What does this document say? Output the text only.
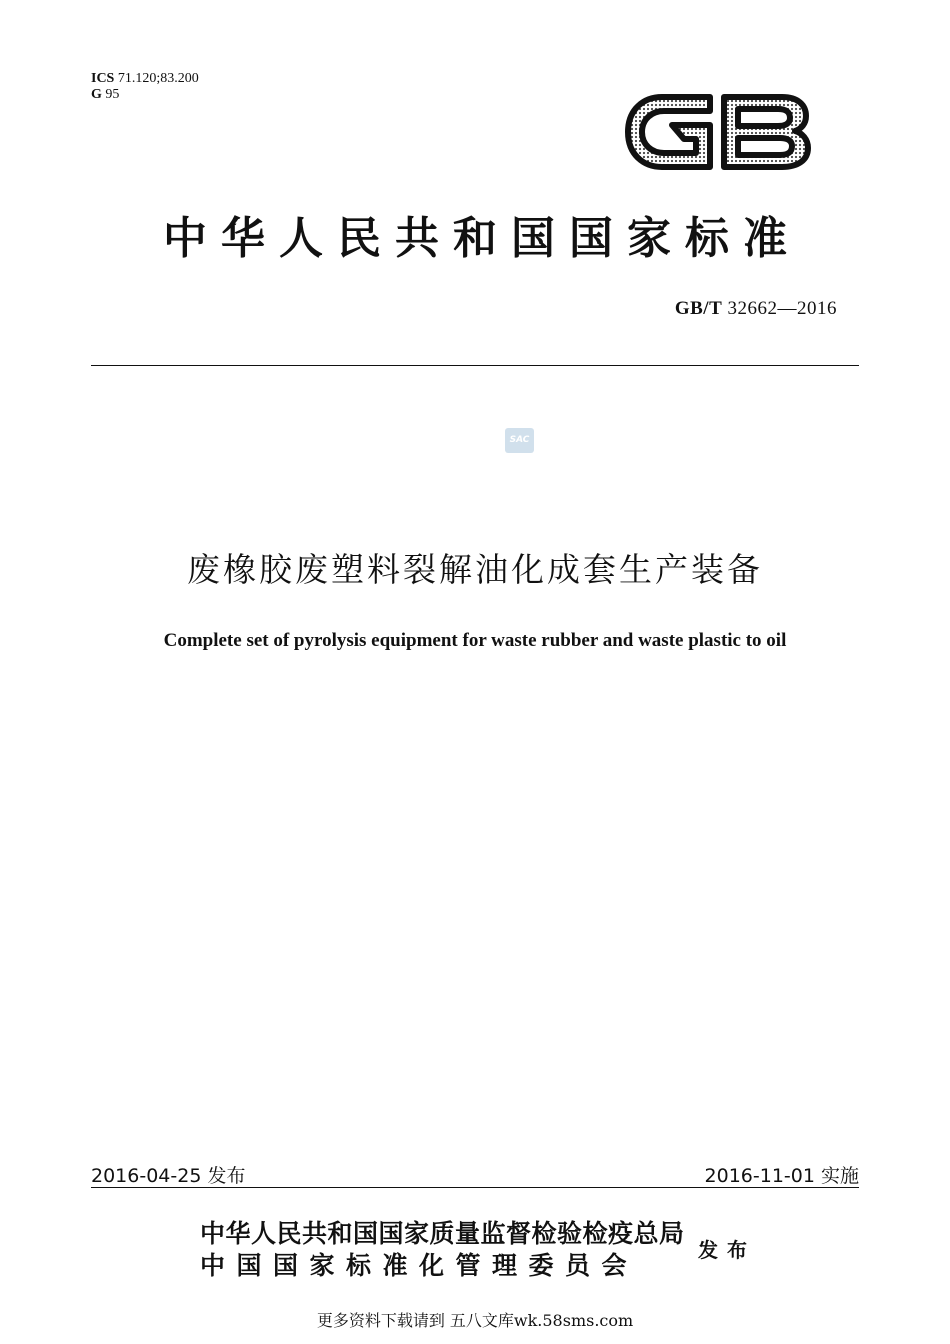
ICS 71.120;83.200
G 95
中华人民共和国国家标准
GB/T 32662—2016
SAC
废橡胶废塑料裂解油化成套生产装备
Complete set of pyrolysis equipment for waste rubber and waste plastic to oil
2016-04-25 发布	2016-11-01 实施
中华人民共和国国家质量监督检验检疫总局
中国国家标准化管理委员会
发布
更多资料下载请到 五八文库wk.58sms.com
